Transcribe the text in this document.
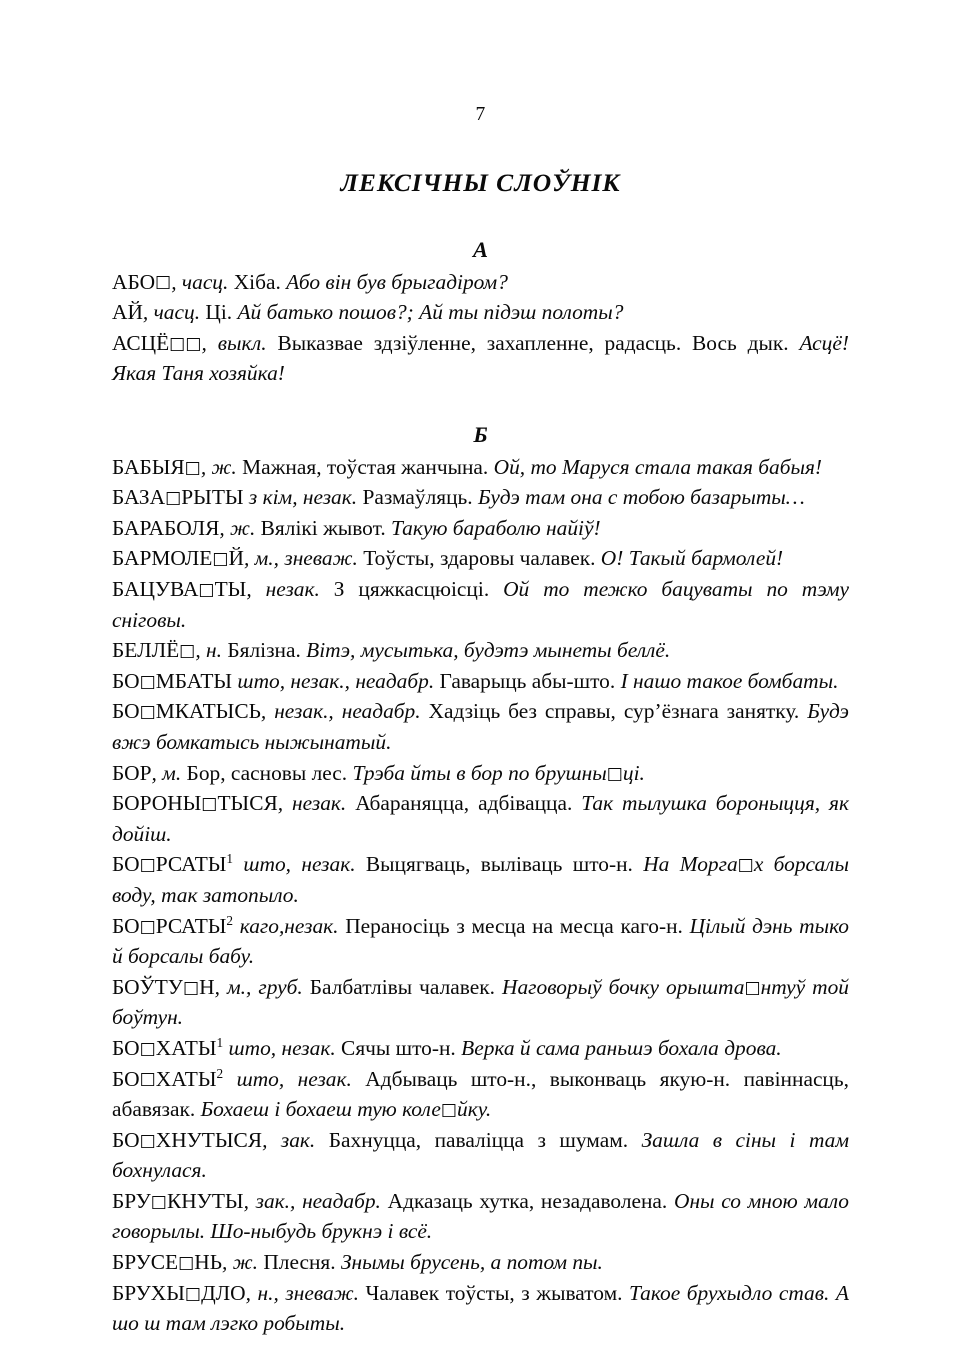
7
ЛЕКСІЧНЫ СЛОЎНІК
А

АБО □ , часц. Хіба. Або він був брыгадіром?

АЙ, часц. Ці. Ай батько пошов?; Ай ты підэш полоты?

АСЦЁ □ □ , выкл. Выказвае здзіўленне, захапленне, радасць. Вось дык. Асцё! Якая Таня хозяйка!

Б

БАБЫЯ □ , ж. Мажная, тоўстая жанчына. Ой, то Маруся стала такая бабыя!

БАЗА □ РЫТЫ з кім, незак. Размаўляць. Будэ там она с тобою базарыты…

БАРАБОЛЯ, ж. Вялікі жывот. Такую бараболю найіў!

БАРМОЛЕ □ Й, м., зневаж. Тоўсты, здаровы чалавек. О! Такый бармолей!

БАЦУВА □ ТЫ, незак. З цяжкасцюісці. Ой то тежко бацуваты по тэму сніговы.

БЕЛЛЁ □ , н. Бялізна. Вітэ, мусытька, будэтэ мынеты беллё.

БО □ МБАТЫ што, незак., неадабр. Гаварыць абы-што. І нашо такое бомбаты.

БО □ МКАТЫСЬ, незак., неадабр. Хадзіць без справы, сур’ёзнага занятку. Будэ вжэ бомкатысь ныжынатый.

БОР, м. Бор, сасновы лес. Трэба йты в бор по брушны □ ці.

БОРОНЫ □ ТЫСЯ, незак. Абараняцца, адбівацца. Так тылушка бороныцця, як дойіш.

БО □ РСАТЫ$^1$ што, незак. Выцягваць, выліваць што-н. На Морга □ х борсалы воду, так затопыло.

БО □ РСАТЫ$^2$ каго,незак. Пераносіць з месца на месца каго-н. Цілый дэнь тыко й борсалы бабу.

БОЎТУ □ Н, м., груб. Балбатлівы чалавек. Наговорыў бочку орышта□ нтуў той боўтун.

БО □ ХАТЫ$^1$ што, незак. Сячы што-н. Верка й сама раньшэ бохала дрова.

БО □ ХАТЫ$^2$ што, незак. Адбываць што-н., выконваць якую-н. павіннасць, абавязак. Бохаеш і бохаеш тую коле □ йку.

БО □ ХНУТЫСЯ, зак. Бахнуцца, паваліцца з шумам. Зашла в сіны і там бохнулася.

БРУ □ КНУТЫ, зак., неадабр. Адказаць хутка, незадаволена. Оны со мною мало говорылы. Шо-ныбудь брукнэ і всё.

БРУСЕ □ НЬ, ж. Плесня. Знымы брусень, а потом пы.

БРУХЫ □ ДЛО, н., зневаж. Чалавек тоўсты, з жыватом. Такое брухыдло став. А шо ш там лэгко робыты.
